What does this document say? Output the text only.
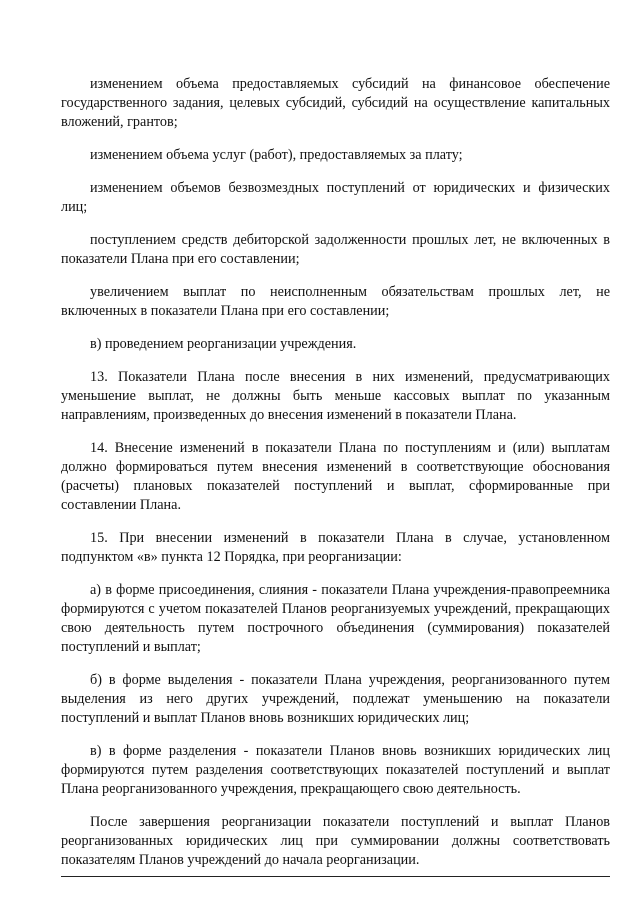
изменением объема предоставляемых субсидий на финансовое обеспечение государственного задания, целевых субсидий, субсидий на осуществление капитальных вложений, грантов;

изменением объема услуг (работ), предоставляемых за плату;

изменением объемов безвозмездных поступлений от юридических и физических лиц;

поступлением средств дебиторской задолженности прошлых лет, не включенных в показатели Плана при его составлении;

увеличением выплат по неисполненным обязательствам прошлых лет, не включенных в показатели Плана при его составлении;

в) проведением реорганизации учреждения.

13. Показатели Плана после внесения в них изменений, предусматривающих уменьшение выплат, не должны быть меньше кассовых выплат по указанным направлениям, произведенных до внесения изменений в показатели Плана.

14. Внесение изменений в показатели Плана по поступлениям и (или) выплатам должно формироваться путем внесения изменений в соответствующие обоснования (расчеты) плановых показателей поступлений и выплат, сформированные при составлении Плана.

15. При внесении изменений в показатели Плана в случае, установленном подпунктом «в» пункта 12 Порядка, при реорганизации:

а) в форме присоединения, слияния - показатели Плана учреждения-правопреемника формируются с учетом показателей Планов реорганизуемых учреждений, прекращающих свою деятельность путем построчного объединения (суммирования) показателей поступлений и выплат;

б) в форме выделения - показатели Плана учреждения, реорганизованного путем выделения из него других учреждений, подлежат уменьшению на показатели поступлений и выплат Планов вновь возникших юридических лиц;

в) в форме разделения - показатели Планов вновь возникших юридических лиц формируются путем разделения соответствующих показателей поступлений и выплат Плана реорганизованного учреждения, прекращающего свою деятельность.

После завершения реорганизации показатели поступлений и выплат Планов реорганизованных юридических лиц при суммировании должны соответствовать показателям Планов учреждений до начала реорганизации.
